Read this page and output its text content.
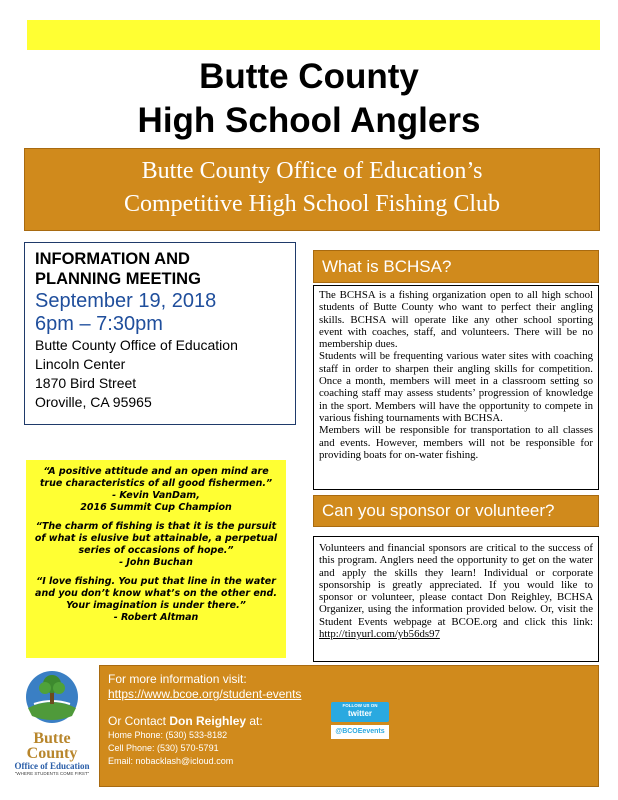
Butte County
High School Anglers
Butte County Office of Education’s
Competitive High School Fishing Club
INFORMATION AND
PLANNING MEETING
September 19, 2018
6pm – 7:30pm
Butte County Office of Education
Lincoln Center
1870 Bird Street
Oroville, CA 95965

“A positive attitude and an open mind are true characteristics of all good fishermen.”

- Kevin VanDam,

2016 Summit Cup Champion

“The charm of fishing is that it is the pursuit of what is elusive but attainable, a perpetual series of occasions of hope.”

- John Buchan

“I love fishing. You put that line in the water and you don’t know what’s on the other end. Your imagination is under there.”

- Robert Altman

What is BCHSA?

The BCHSA is a fishing organization open to all high school students of Butte County who want to perfect their angling skills. BCHSA will operate like any other school sporting event with coaches, staff, and volunteers. There will be no membership dues.

Students will be frequenting various water sites with coaching staff in order to sharpen their angling skills for competition. Once a month, members will meet in a classroom setting so coaching staff may assess students’ progression of knowledge in the sport. Members will have the opportunity to compete in various fishing tournaments with BCHSA.

Members will be responsible for transportation to all classes and events. However, members will not be responsible for providing boats for on-water fishing.

Can you sponsor or volunteer?
Volunteers and financial sponsors are critical to the success of this program. Anglers need the opportunity to get on the water and apply the skills they learn! Individual or corporate sponsorship is greatly appreciated. If you would like to sponsor or volunteer, please contact Don Reighley, BCHSA Organizer, using the information provided below. Or, visit the Student Events webpage at BCOE.org and click this link: http://tinyurl.com/yb56ds97
Butte
County
Office of Education
“WHERE STUDENTS COME FIRST”
For more information visit:
https://www.bcoe.org/student-events
Or Contact Don Reighley at:
Home Phone: (530) 533-8182
Cell Phone: (530) 570-5791
Email: nobacklash@icloud.com
FOLLOW US ON
twitter
@BCOEevents
